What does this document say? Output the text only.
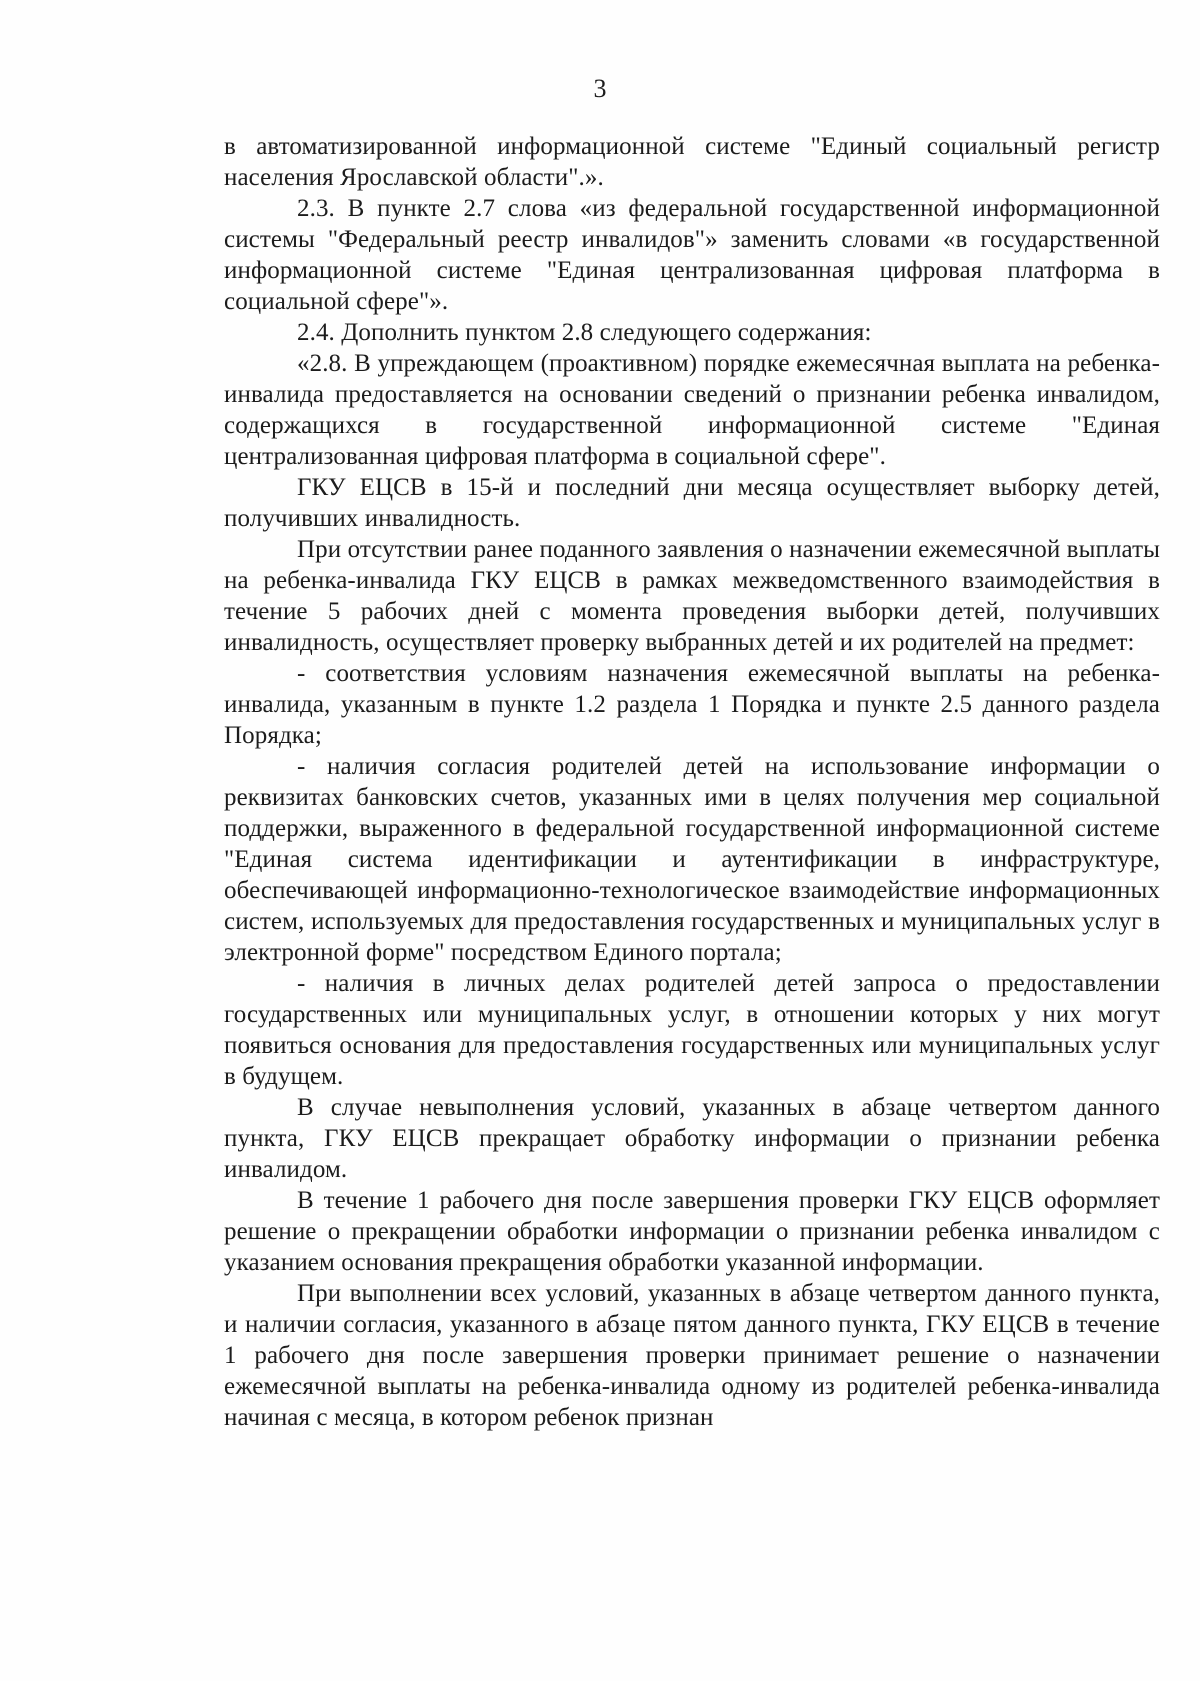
3

в автоматизированной информационной системе "Единый социальный регистр населения Ярославской области".».

2.3. В пункте 2.7 слова «из федеральной государственной информационной системы "Федеральный реестр инвалидов"» заменить словами «в государственной информационной системе "Единая централизованная цифровая платформа в социальной сфере"».

2.4. Дополнить пунктом 2.8 следующего содержания:

«2.8. В упреждающем (проактивном) порядке ежемесячная выплата на ребенка-инвалида предоставляется на основании сведений о признании ребенка инвалидом, содержащихся в государственной информационной системе "Единая централизованная цифровая платформа в социальной сфере".

ГКУ ЕЦСВ в 15-й и последний дни месяца осуществляет выборку детей, получивших инвалидность.

При отсутствии ранее поданного заявления о назначении ежемесячной выплаты на ребенка-инвалида ГКУ ЕЦСВ в рамках межведомственного взаимодействия в течение 5 рабочих дней с момента проведения выборки детей, получивших инвалидность, осуществляет проверку выбранных детей и их родителей на предмет:

- соответствия условиям назначения ежемесячной выплаты на ребенка-инвалида, указанным в пункте 1.2 раздела 1 Порядка и пункте 2.5 данного раздела Порядка;

- наличия согласия родителей детей на использование информации о реквизитах банковских счетов, указанных ими в целях получения мер социальной поддержки, выраженного в федеральной государственной информационной системе "Единая система идентификации и аутентификации в инфраструктуре, обеспечивающей информационно-технологическое взаимодействие информационных систем, используемых для предоставления государственных и муниципальных услуг в электронной форме" посредством Единого портала;

- наличия в личных делах родителей детей запроса о предоставлении государственных или муниципальных услуг, в отношении которых у них могут появиться основания для предоставления государственных или муниципальных услуг в будущем.

В случае невыполнения условий, указанных в абзаце четвертом данного пункта, ГКУ ЕЦСВ прекращает обработку информации о признании ребенка инвалидом.

В течение 1 рабочего дня после завершения проверки ГКУ ЕЦСВ оформляет решение о прекращении обработки информации о признании ребенка инвалидом с указанием основания прекращения обработки указанной информации.

При выполнении всех условий, указанных в абзаце четвертом данного пункта, и наличии согласия, указанного в абзаце пятом данного пункта, ГКУ ЕЦСВ в течение 1 рабочего дня после завершения проверки принимает решение о назначении ежемесячной выплаты на ребенка-инвалида одному из родителей ребенка-инвалида начиная с месяца, в котором ребенок признан
